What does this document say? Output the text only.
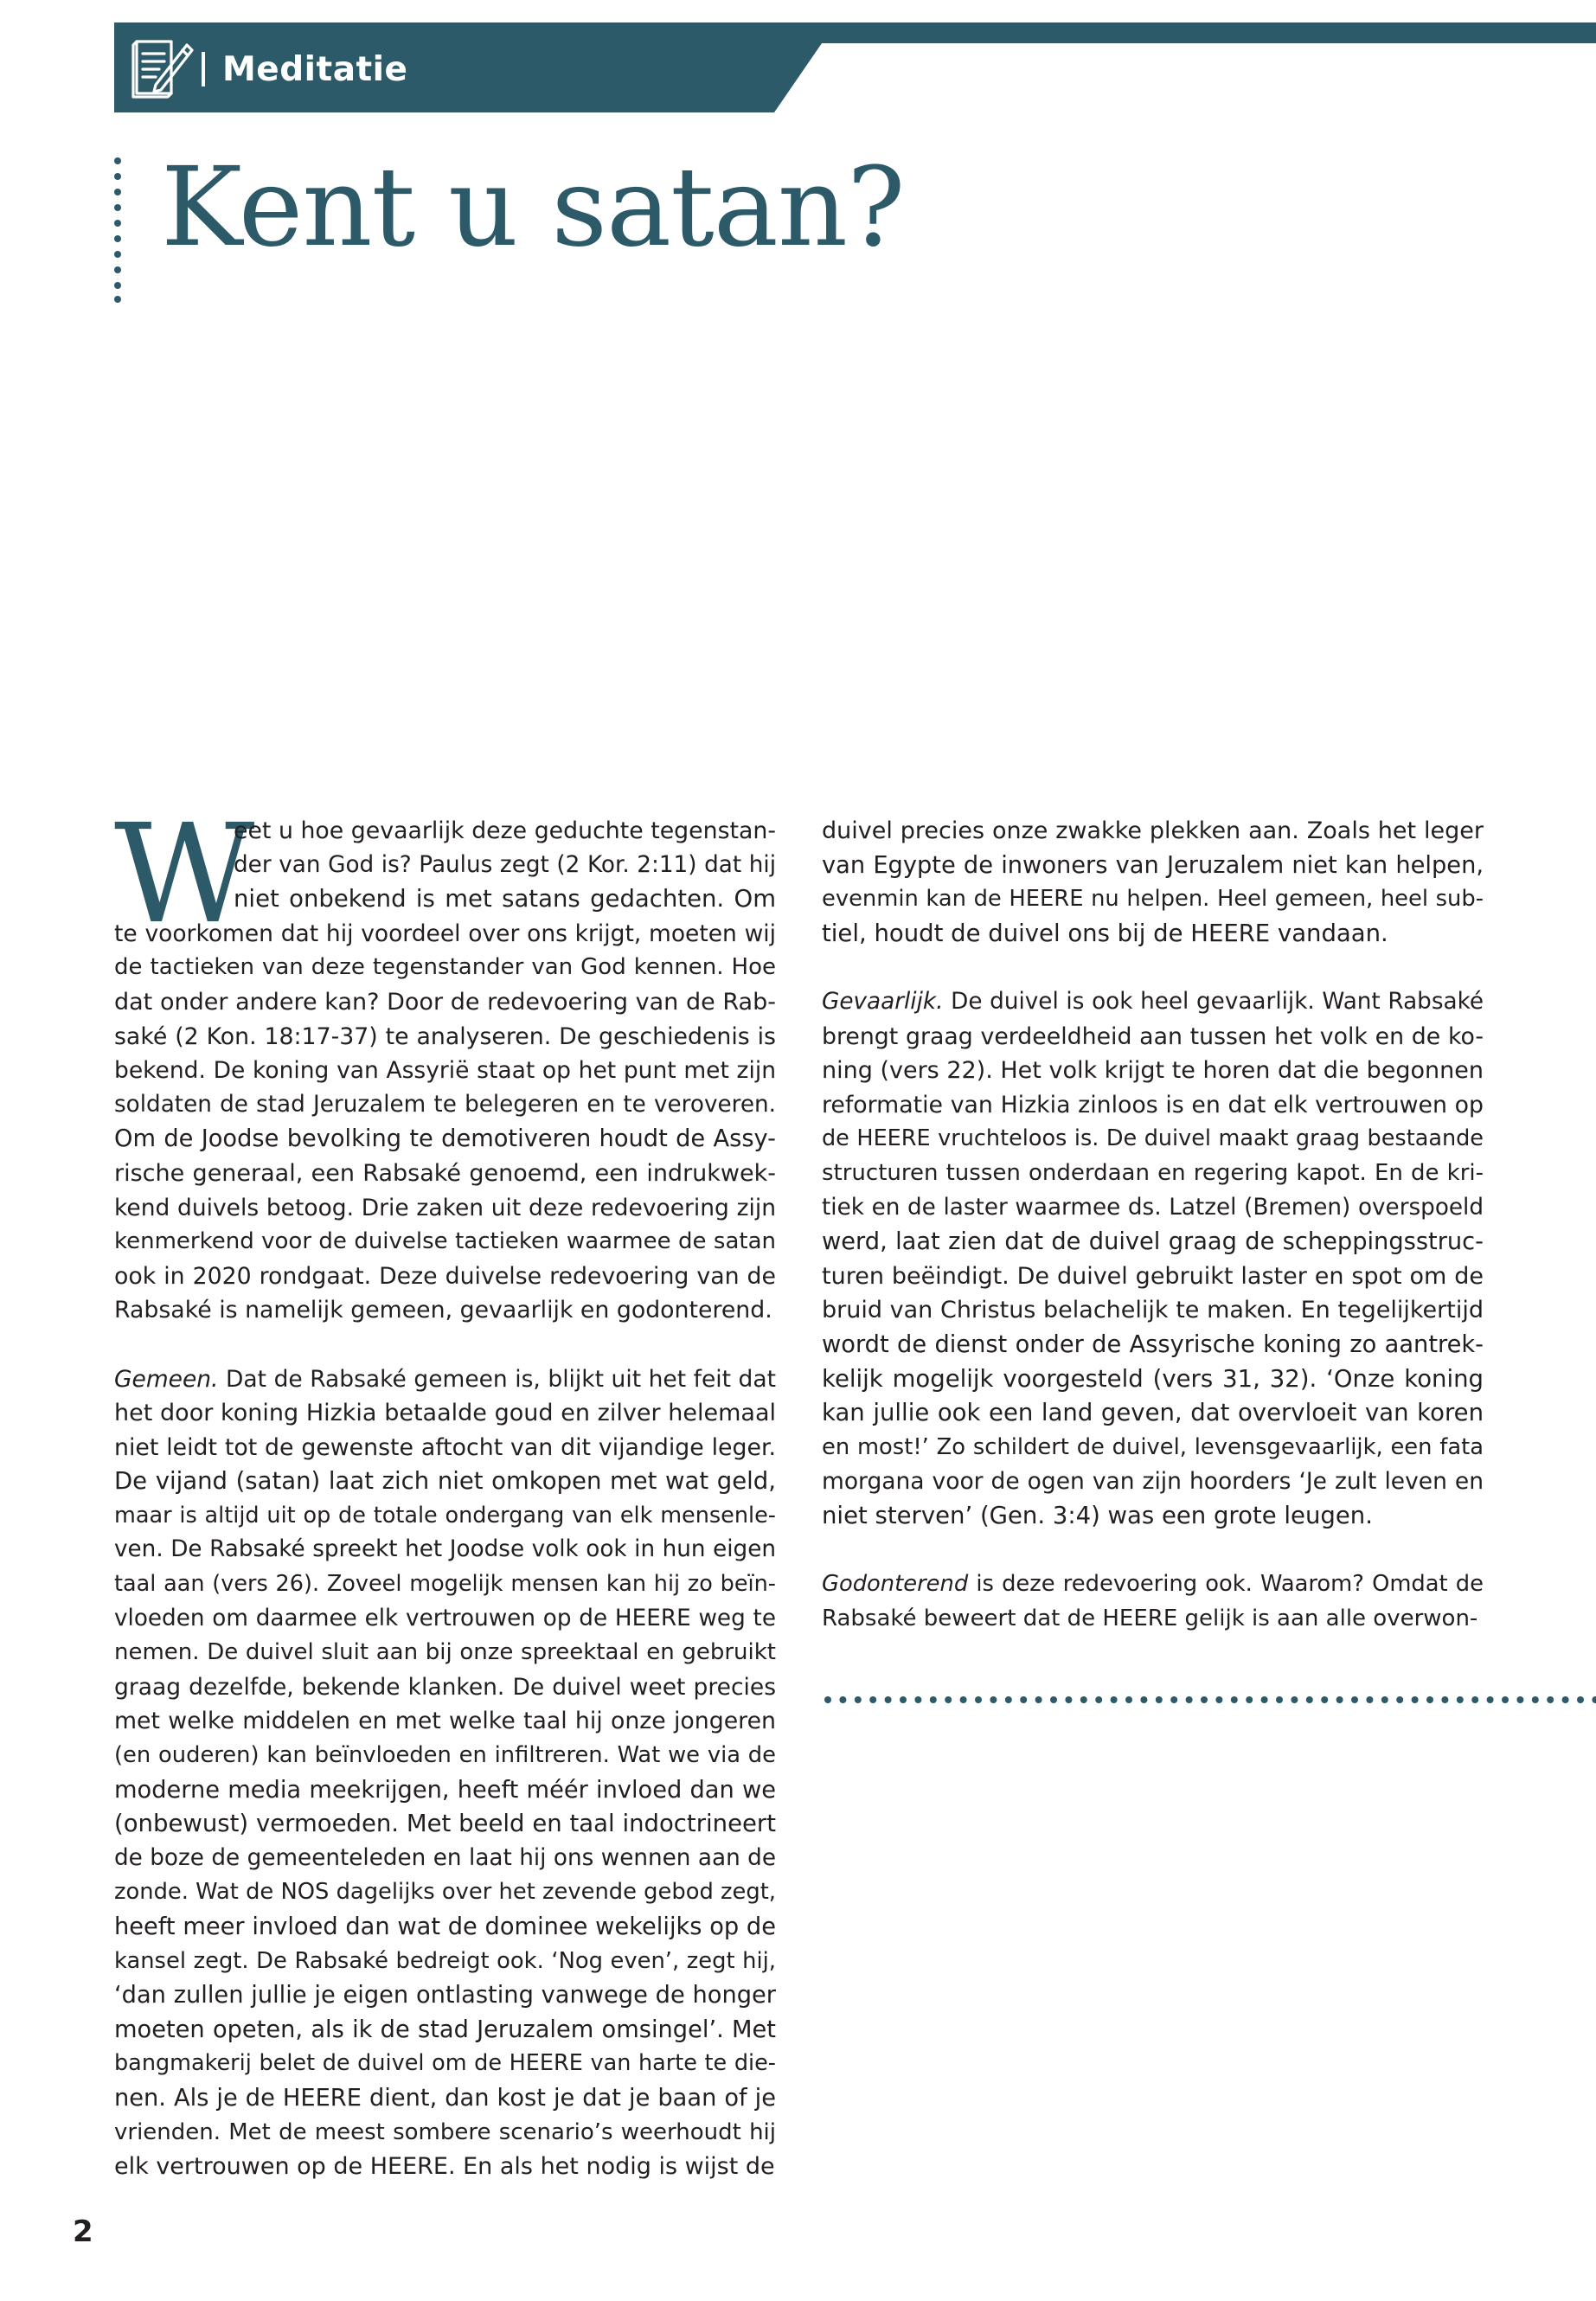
Meditatie
Kent u satan?
W
eet u hoe gevaarlijk deze geduchte tegenstan-
der van God is? Paulus zegt (2 Kor. 2:11) dat hij
niet onbekend is met satans gedachten. Om
te voorkomen dat hij voordeel over ons krijgt, moeten wij
de tactieken van deze tegenstander van God kennen. Hoe
dat onder andere kan? Door de redevoering van de Rab-
saké (2 Kon. 18:17-37) te analyseren. De geschiedenis is
bekend. De koning van Assyrië staat op het punt met zijn
soldaten de stad Jeruzalem te belegeren en te veroveren.
Om de Joodse bevolking te demotiveren houdt de Assy-
rische generaal, een Rabsaké genoemd, een indrukwek-
kend duivels betoog. Drie zaken uit deze redevoering zijn
kenmerkend voor de duivelse tactieken waarmee de satan
ook in 2020 rondgaat. Deze duivelse redevoering van de
Rabsaké is namelijk gemeen, gevaarlijk en godonterend.
Gemeen. Dat de Rabsaké gemeen is, blijkt uit het feit dat
het door koning Hizkia betaalde goud en zilver helemaal
niet leidt tot de gewenste aftocht van dit vijandige leger.
De vijand (satan) laat zich niet omkopen met wat geld,
maar is altijd uit op de totale ondergang van elk mensenle-
ven. De Rabsaké spreekt het Joodse volk ook in hun eigen
taal aan (vers 26). Zoveel mogelijk mensen kan hij zo beïn-
vloeden om daarmee elk vertrouwen op de HEERE weg te
nemen. De duivel sluit aan bij onze spreektaal en gebruikt
graag dezelfde, bekende klanken. De duivel weet precies
met welke middelen en met welke taal hij onze jongeren
(en ouderen) kan beïnvloeden en infiltreren. Wat we via de
moderne media meekrijgen, heeft méér invloed dan we
(onbewust) vermoeden. Met beeld en taal indoctrineert
de boze de gemeenteleden en laat hij ons wennen aan de
zonde. Wat de NOS dagelijks over het zevende gebod zegt,
heeft meer invloed dan wat de dominee wekelijks op de
kansel zegt. De Rabsaké bedreigt ook. ‘Nog even’, zegt hij,
‘dan zullen jullie je eigen ontlasting vanwege de honger
moeten opeten, als ik de stad Jeruzalem omsingel’. Met
bangmakerij belet de duivel om de HEERE van harte te die-
nen. Als je de HEERE dient, dan kost je dat je baan of je
vrienden. Met de meest sombere scenario’s weerhoudt hij
elk vertrouwen op de HEERE. En als het nodig is wijst de
duivel precies onze zwakke plekken aan. Zoals het leger
van Egypte de inwoners van Jeruzalem niet kan helpen,
evenmin kan de HEERE nu helpen. Heel gemeen, heel sub-
tiel, houdt de duivel ons bij de HEERE vandaan.
Gevaarlijk. De duivel is ook heel gevaarlijk. Want Rabsaké
brengt graag verdeeldheid aan tussen het volk en de ko-
ning (vers 22). Het volk krijgt te horen dat die begonnen
reformatie van Hizkia zinloos is en dat elk vertrouwen op
de HEERE vruchteloos is. De duivel maakt graag bestaande
structuren tussen onderdaan en regering kapot. En de kri-
tiek en de laster waarmee ds. Latzel (Bremen) overspoeld
werd, laat zien dat de duivel graag de scheppingsstruc-
turen beëindigt. De duivel gebruikt laster en spot om de
bruid van Christus belachelijk te maken. En tegelijkertijd
wordt de dienst onder de Assyrische koning zo aantrek-
kelijk mogelijk voorgesteld (vers 31, 32). ‘Onze koning
kan jullie ook een land geven, dat overvloeit van koren
en most!’ Zo schildert de duivel, levensgevaarlijk, een fata
morgana voor de ogen van zijn hoorders ‘Je zult leven en
niet sterven’ (Gen. 3:4) was een grote leugen.
Godonterend is deze redevoering ook. Waarom? Omdat de
Rabsaké beweert dat de HEERE gelijk is aan alle overwon-
2
